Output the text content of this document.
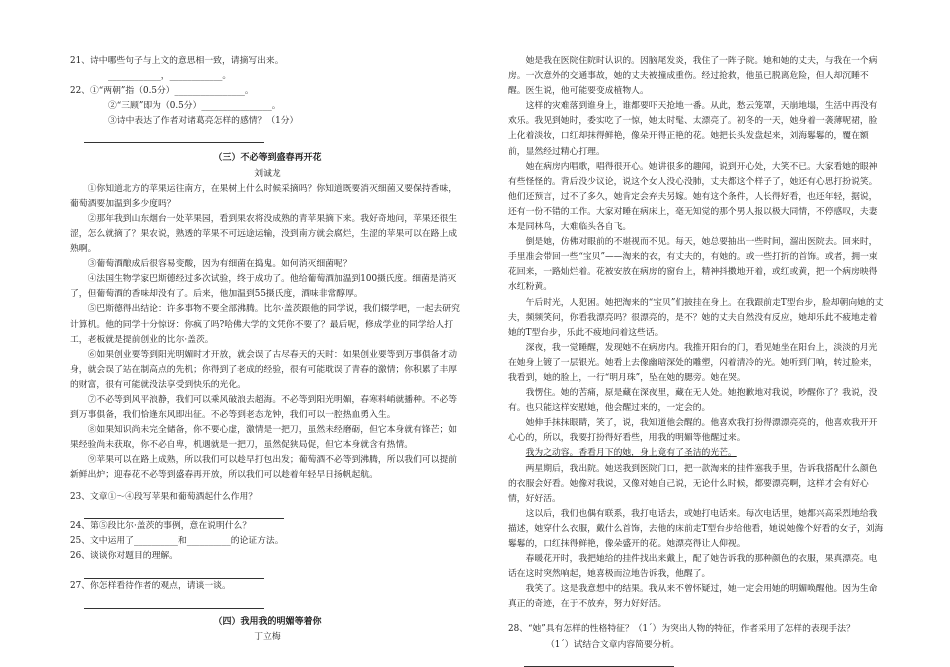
21、诗中哪些句子与上文的意思相一致，请摘写出来。

____________，____________。

22、①“两朝”指（0.5分）________________。

②“三顾”即为（0.5分）________________。

③诗中表达了作者对诸葛亮怎样的感情？（1分）

（三）不必等到盛春再开花

刘诚龙

①你知道北方的苹果运往南方，在果树上什么时候采摘吗？你知道既要消灭细菌又要保持香味，葡萄酒要加温到多少度吗？

②那年我到山东烟台一处苹果园，看到果农将没成熟的青苹果摘下来。我好奇地问，苹果还很生涩，怎么就摘了？果农说，熟透的苹果不可远途运输，没到南方就会腐烂，生涩的苹果可以在路上成熟啊。

③葡萄酒酿成后很容易变酸，因为有细菌在捣鬼。如何消灭细菌呢？

④法国生物学家巴斯德经过多次试验，终于成功了。他给葡萄酒加温到100摄氏度。细菌是消灭了，但葡萄酒的香味却没有了。后来，他加温到55摄氏度，酒味非常醇厚。

⑤巴斯德得出结论：许多事物不要全部沸腾。比尔·盖茨跟他的同学说，我们辍学吧，一起去研究计算机。他的同学十分惊讶：你疯了吗?哈佛大学的文凭你不要了？最后呢，修成学业的同学给人打工，老板就是提前创业的比尔·盖茨。

⑥如果创业要等到阳光明媚时才开放，就会误了古尽春天的天时：如果创业要等到万事俱备才动身，就会误了站在制高点的先机；你得到了老成的经验，很有可能耽误了青春的激情；你积累了丰厚的财富，很有可能就没法享受到快乐的光化。

⑦不必等到风平浪静，我们可以乘风破浪去超海。不必等到阳光明媚，春寒料峭就播种。不必等到万事俱备，我们恰逢东风即出征。不必等到老态龙钟，我们可以一腔热血勇入生。

⑧如果知识尚未完全储备，你不要心虚，激情是一把刀，虽然未经磨砺，但它本身就有锋芒；如果经验尚未获取，你不必自卑，机遇就是一把刀，虽然促狭局促，但它本身就含有热情。

⑨苹果可以在路上成熟，所以我们可以趁早打包出发；葡萄酒不必等到沸腾，所以我们可以提前新鲜出炉；迎春花不必等到盛春再开放，所以我们可以趁着年轻早日扬帆起航。

23、文章①～④段写苹果和葡萄酒起什么作用？

24、第⑤段比尔·盖茨的事例，意在说明什么？

25、文中运用了__________和__________的论证方法。

26、谈谈你对题目的理解。

27、你怎样看待作者的观点，请谈一谈。

（四）我用我的明媚等着你

丁立梅

她是我在医院住院时认识的。因脑尾发炎，我住了一阵子院。她和她的丈夫，与我在一个病房。一次意外的交通事故，她的丈夫被撞成重伤。经过抢救，他虽已脱离危险，但人却沉睡不醒。医生说，他可能要变成植物人。

这样的灾难落到谁身上，谁都要吓天抢地一番。从此，愁云笼罩，天崩地塌，生活中再没有欢乐。我见到她时，委实吃了一惊，她太时髦、太漂亮了。初冬的一天，她身着一袭薄呢裙，脸上化着淡妆，口红却抹得鲜艳，像朵开得正艳的花。她把长头发盘起来，刘海鬈鬈的，覆在额前，显然经过精心打理。

她在病房内唱歌，唱得很开心。她讲很多的趣闻，说到开心处，大笑不已。大家看她的眼神有些怪怪的。背后没少议论，说这个女人没心没肺，丈夫都这个样子了，她还有心思打扮说笑。他们还预言，过不了多久，她肯定会弃夫另嫁。她有这个条件，人长得好看，也还年轻，据说，还有一份不错的工作。大家对睡在病床上，毫无知觉的那个男人报以极大同情，不停感叹，夫妻本是同林鸟，大难临头各自飞。

倒是她，仿佛对眼前的不堪视而不见。每天，她总要抽出一些时间，溜出医院去。回来时，手里准会带回一些“宝贝”——淘来的衣，有丈夫的，有她的。或一些打折的首饰。或者，拥一束花回来，一路灿烂着。花被安放在病房的窗台上，精神抖擞地开着，或红或黄，把一个病房映得水红粉黄。

午后时光，人犯困。她把淘来的“宝贝”们披挂在身上。在我跟前走T型台步，脸却朝向她的丈夫，频频笑问，你看我漂亮吗？很漂亮的，是不？她的丈夫自然没有反应，她却乐此不疲地走着她的T型台步，乐此不疲地问着这些话。

深夜，我一觉睡醒，发现她不在病房内。我推开阳台的门，看见她坐在阳台上，淡淡的月光在她身上镀了一层银光。她看上去像幽暗深处的雕塑，闪着清冷的光。她听到门响，转过脸来，我看到，她的脸上，一行“明月珠”，坠在她的腮旁。她在哭。

我愣住。她的苦痛，原是藏在深夜里，藏在无人处。她抱歉地对我说，吵醒你了？我说，没有。也只能这样安慰她，他会醒过来的，一定会的。

她伸手抹抹眼睛，笑了，说，我知道他会醒的。他喜欢我打扮得漂漂亮亮的，他喜欢我开开心心的，所以，我要打扮得好看些，用我的明媚等他醒过来。

我为之动容。香看月下的她，身上竟有了圣洁的光芒。

两星期后，我出院。她送我到医院门口，把一款淘来的挂件塞我手里，告诉我搭配什么颜色的衣服会好看。她像对我说，又像对她自己说，无论什么时候，都要漂亮啊，这样才会有好心情，好好活。

这以后，我们也偶有联系，我打电话去，或她打电话来。每次电话里，她都兴高采烈地给我描述，她穿什么衣服，戴什么首饰，去他的床前走T型台步给他看，她说她像个好看的女子，刘海鬈鬈的，口红抹得鲜艳，像朵盛开的花。她漂亮得让人仰视。

春暖花开时，我把她给的挂件找出来戴上，配了她告诉我的那种颜色的衣服，果真漂亮。电话在这时突然响起，她喜极而泣地告诉我，他醒了。

我笑了。这是我意想中的结果。我从来不曾怀疑过，她一定会用她的明媚唤醒他。因为生命真正的奇迹，在于不放弃，努力好好活。

28、“她”具有怎样的性格特征？（1´）为突出人物的特征，作者采用了怎样的表现手法？

（1´）试结合文章内容简要分析。
